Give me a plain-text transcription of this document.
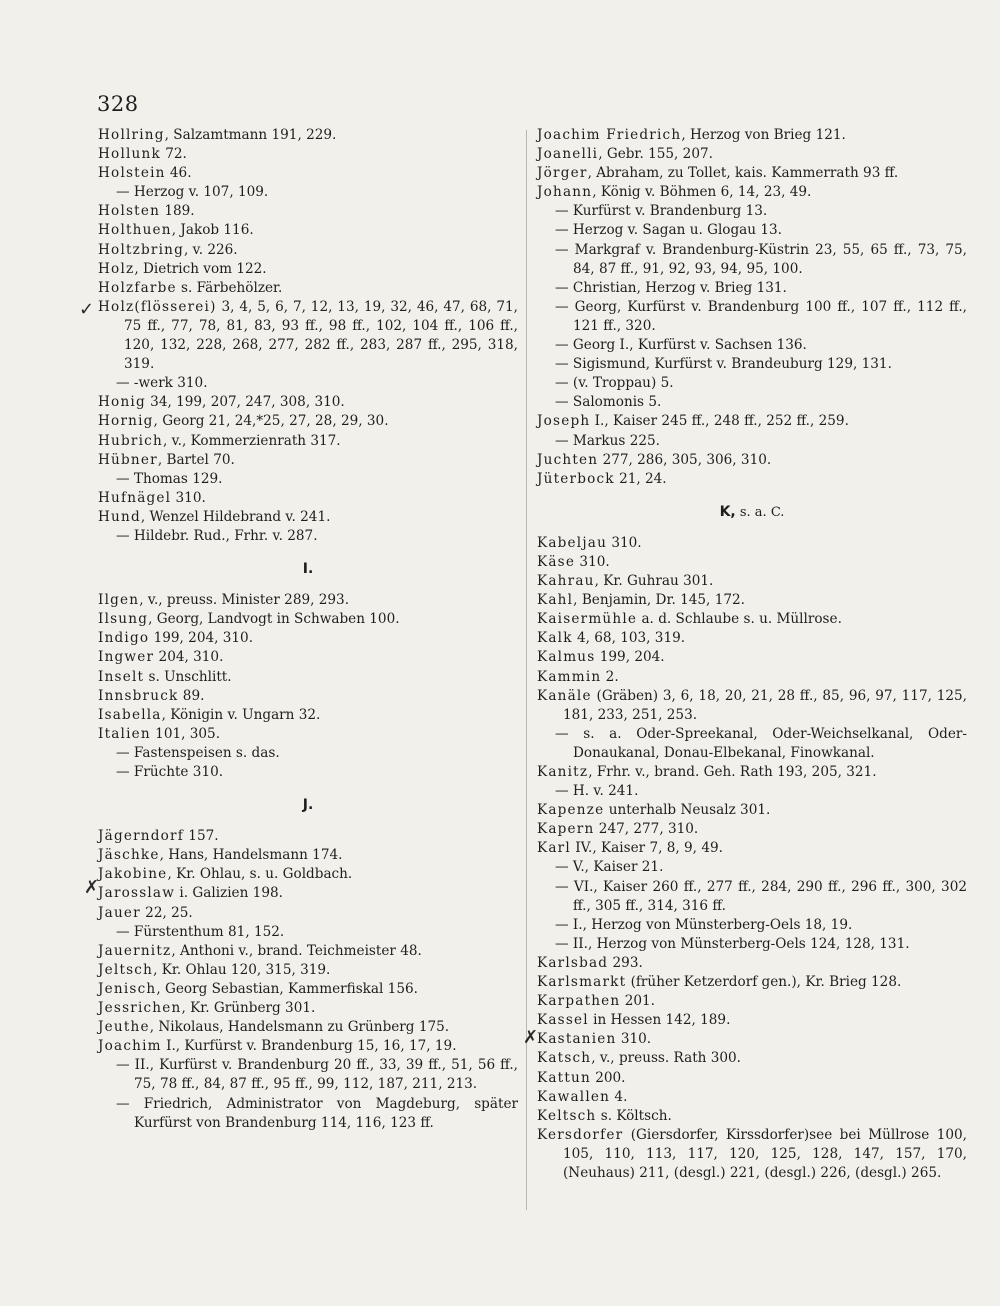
328
Hollring, Salzamtmann 191, 229.
Hollunk 72.
Holstein 46.
— Herzog v. 107, 109.
Holsten 189.
Holthuen, Jakob 116.
Holtzbring, v. 226.
Holz, Dietrich vom 122.
Holzfarbe s. Färbehölzer.
Holz(flösserei) 3, 4, 5, 6, 7, 12, 13, 19, 32, 46, 47, 68, 71, 75 ff., 77, 78, 81, 83, 93 ff., 98 ff., 102, 104 ff., 106 ff., 120, 132, 228, 268, 277, 282 ff., 283, 287 ff., 295, 318, 319.
— -werk 310.
Honig 34, 199, 207, 247, 308, 310.
Hornig, Georg 21, 24,*25, 27, 28, 29, 30.
Hubrich, v., Kommerzienrath 317.
Hübner, Bartel 70.
— Thomas 129.
Hufnägel 310.
Hund, Wenzel Hildebrand v. 241.
— Hildebr. Rud., Frhr. v. 287.
I.
Ilgen, v., preuss. Minister 289, 293.
Ilsung, Georg, Landvogt in Schwaben 100.
Indigo 199, 204, 310.
Ingwer 204, 310.
Inselt s. Unschlitt.
Innsbruck 89.
Isabella, Königin v. Ungarn 32.
Italien 101, 305.
— Fastenspeisen s. das.
— Früchte 310.
J.
Jägerndorf 157.
Jäschke, Hans, Handelsmann 174.
Jakobine, Kr. Ohlau, s. u. Goldbach.
Jarosslaw i. Galizien 198.
Jauer 22, 25.
— Fürstenthum 81, 152.
Jauernitz, Anthoni v., brand. Teichmeister 48.
Jeltsch, Kr. Ohlau 120, 315, 319.
Jenisch, Georg Sebastian, Kammerfiskal 156.
Jessrichen, Kr. Grünberg 301.
Jeuthe, Nikolaus, Handelsmann zu Grünberg 175.
Joachim I., Kurfürst v. Brandenburg 15, 16, 17, 19.
— II., Kurfürst v. Brandenburg 20 ff., 33, 39 ff., 51, 56 ff., 75, 78 ff., 84, 87 ff., 95 ff., 99, 112, 187, 211, 213.
— Friedrich, Administrator von Magdeburg, später Kurfürst von Brandenburg 114, 116, 123 ff.
Joachim Friedrich, Herzog von Brieg 121.
Joanelli, Gebr. 155, 207.
Jörger, Abraham, zu Tollet, kais. Kammerrath 93 ff.
Johann, König v. Böhmen 6, 14, 23, 49.
— Kurfürst v. Brandenburg 13.
— Herzog v. Sagan u. Glogau 13.
— Markgraf v. Brandenburg-Küstrin 23, 55, 65 ff., 73, 75, 84, 87 ff., 91, 92, 93, 94, 95, 100.
— Christian, Herzog v. Brieg 131.
— Georg, Kurfürst v. Brandenburg 100 ff., 107 ff., 112 ff., 121 ff., 320.
— Georg I., Kurfürst v. Sachsen 136.
— Sigismund, Kurfürst v. Brandeuburg 129, 131.
— (v. Troppau) 5.
— Salomonis 5.
Joseph I., Kaiser 245 ff., 248 ff., 252 ff., 259.
— Markus 225.
Juchten 277, 286, 305, 306, 310.
Jüterbock 21, 24.
K, s. a. C.
Kabeljau 310.
Käse 310.
Kahrau, Kr. Guhrau 301.
Kahl, Benjamin, Dr. 145, 172.
Kaisermühle a. d. Schlaube s. u. Müllrose.
Kalk 4, 68, 103, 319.
Kalmus 199, 204.
Kammin 2.
Kanäle (Gräben) 3, 6, 18, 20, 21, 28 ff., 85, 96, 97, 117, 125, 181, 233, 251, 253.
— s. a. Oder-Spreekanal, Oder-Weichselkanal, Oder-Donaukanal, Donau-Elbekanal, Finowkanal.
Kanitz, Frhr. v., brand. Geh. Rath 193, 205, 321.
— H. v. 241.
Kapenze unterhalb Neusalz 301.
Kapern 247, 277, 310.
Karl IV., Kaiser 7, 8, 9, 49.
— V., Kaiser 21.
— VI., Kaiser 260 ff., 277 ff., 284, 290 ff., 296 ff., 300, 302 ff., 305 ff., 314, 316 ff.
— I., Herzog von Münsterberg-Oels 18, 19.
— II., Herzog von Münsterberg-Oels 124, 128, 131.
Karlsbad 293.
Karlsmarkt (früher Ketzerdorf gen.), Kr. Brieg 128.
Karpathen 201.
Kassel in Hessen 142, 189.
Kastanien 310.
Katsch, v., preuss. Rath 300.
Kattun 200.
Kawallen 4.
Keltsch s. Költsch.
Kersdorfer (Giersdorfer, Kirssdorfer)see bei Müllrose 100, 105, 110, 113, 117, 120, 125, 128, 147, 157, 170, (Neuhaus) 211, (desgl.) 221, (desgl.) 226, (desgl.) 265.
✓
✗
✗
